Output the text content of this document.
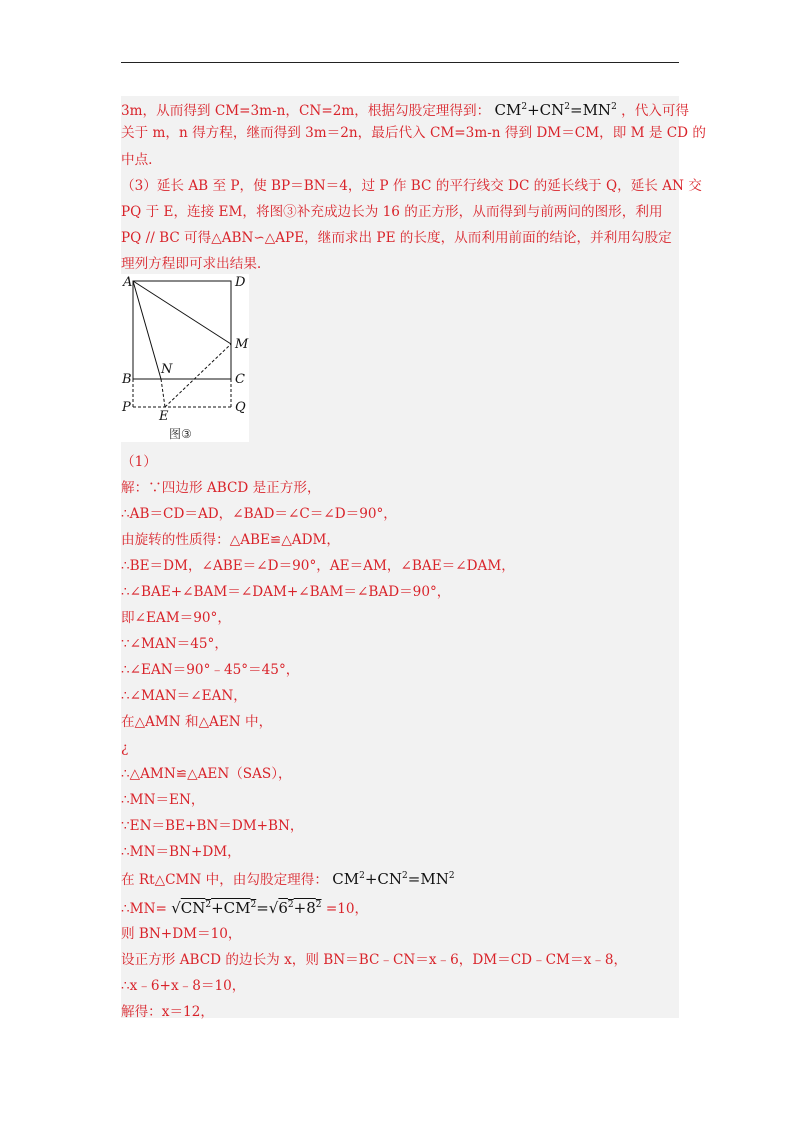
3m，从而得到 CM=3m-n，CN=2m，根据勾股定理得到： $CM^2+CN^2=MN^2$ ，代入可得
关于 m，n 得方程，继而得到 3m＝2n，最后代入 CM=3m-n 得到 DM＝CM，即 M 是 CD 的
中点.
（3）延长 AB 至 P，使 BP＝BN＝4，过 P 作 BC 的平行线交 DC 的延长线于 Q，延长 AN 交
PQ 于 E，连接 EM，将图③补充成边长为 16 的正方形，从而得到与前两问的图形，利用
PQ // BC 可得△ABN∽△APE，继而求出 PE 的长度，从而利用前面的结论，并利用勾股定
理列方程即可求出结果.
A	D
M
B
N
C
P
E
Q
图③
（1）
解：∵四边形 ABCD 是正方形，
∴AB＝CD＝AD，∠BAD＝∠C＝∠D＝90°，
由旋转的性质得：△ABE≌△ADM，
∴BE＝DM，∠ABE＝∠D＝90°，AE＝AM，∠BAE＝∠DAM，
∴∠BAE+∠BAM＝∠DAM+∠BAM＝∠BAD＝90°，
即∠EAM＝90°，
∵∠MAN＝45°，
∴∠EAN＝90°﹣45°＝45°，
∴∠MAN＝∠EAN，
在△AMN 和△AEN 中，
¿
∴△AMN≌△AEN（SAS），
∴MN＝EN，
∵EN＝BE+BN＝DM+BN，
∴MN＝BN+DM，
在 Rt△CMN 中，由勾股定理得： $CM^2+CN^2=MN^2$
∴MN= $√CN^2+CM^2=√6^2+8^2 =10$，
则 BN+DM＝10，
设正方形 ABCD 的边长为 x，则 BN＝BC﹣CN＝x﹣6，DM＝CD﹣CM＝x﹣8，
∴x﹣6+x﹣8＝10，
解得：x＝12，
